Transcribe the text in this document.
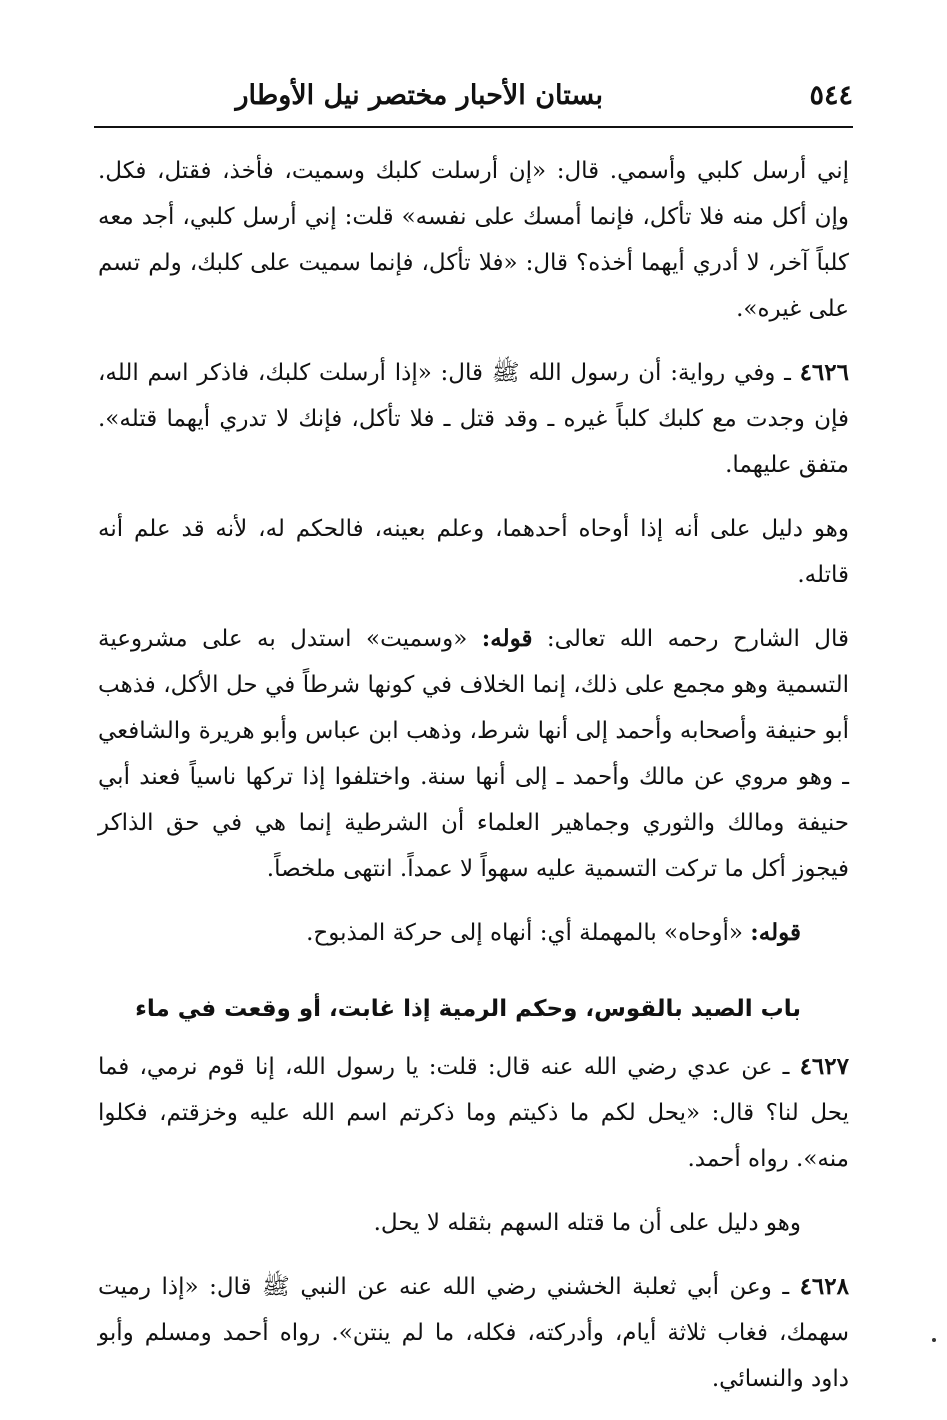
٥٤٤
بستان الأحبار مختصر نيل الأوطار

إني أرسل كلبي وأسمي. قال: «إن أرسلت كلبك وسميت، فأخذ، فقتل، فكل. وإن أكل منه فلا تأكل، فإنما أمسك على نفسه» قلت: إني أرسل كلبي، أجد معه كلباً آخر، لا أدري أيهما أخذه؟ قال: «فلا تأكل، فإنما سميت على كلبك، ولم تسم على غيره».

٤٦٢٦ ـ وفي رواية: أن رسول الله ﷺ قال: «إذا أرسلت كلبك، فاذكر اسم الله، فإن وجدت مع كلبك كلباً غيره ـ وقد قتل ـ فلا تأكل، فإنك لا تدري أيهما قتله». متفق عليهما.

وهو دليل على أنه إذا أوحاه أحدهما، وعلم بعينه، فالحكم له، لأنه قد علم أنه قاتله.

قال الشارح رحمه الله تعالى: قوله: «وسميت» استدل به على مشروعية التسمية وهو مجمع على ذلك، إنما الخلاف في كونها شرطاً في حل الأكل، فذهب أبو حنيفة وأصحابه وأحمد إلى أنها شرط، وذهب ابن عباس وأبو هريرة والشافعي ـ وهو مروي عن مالك وأحمد ـ إلى أنها سنة. واختلفوا إذا تركها ناسياً فعند أبي حنيفة ومالك والثوري وجماهير العلماء أن الشرطية إنما هي في حق الذاكر فيجوز أكل ما تركت التسمية عليه سهواً لا عمداً. انتهى ملخصاً.

قوله: «أوحاه» بالمهملة أي: أنهاه إلى حركة المذبوح.

باب الصيد بالقوس، وحكم الرمية إذا غابت، أو وقعت في ماء

٤٦٢٧ ـ عن عدي رضي الله عنه قال: قلت: يا رسول الله، إنا قوم نرمي، فما يحل لنا؟ قال: «يحل لكم ما ذكيتم وما ذكرتم اسم الله عليه وخزقتم، فكلوا منه». رواه أحمد.

وهو دليل على أن ما قتله السهم بثقله لا يحل.

٤٦٢٨ ـ وعن أبي ثعلبة الخشني رضي الله عنه عن النبي ﷺ قال: «إذا رميت سهمك، فغاب ثلاثة أيام، وأدركته، فكله، ما لم ينتن». رواه أحمد ومسلم وأبو داود والنسائي.
